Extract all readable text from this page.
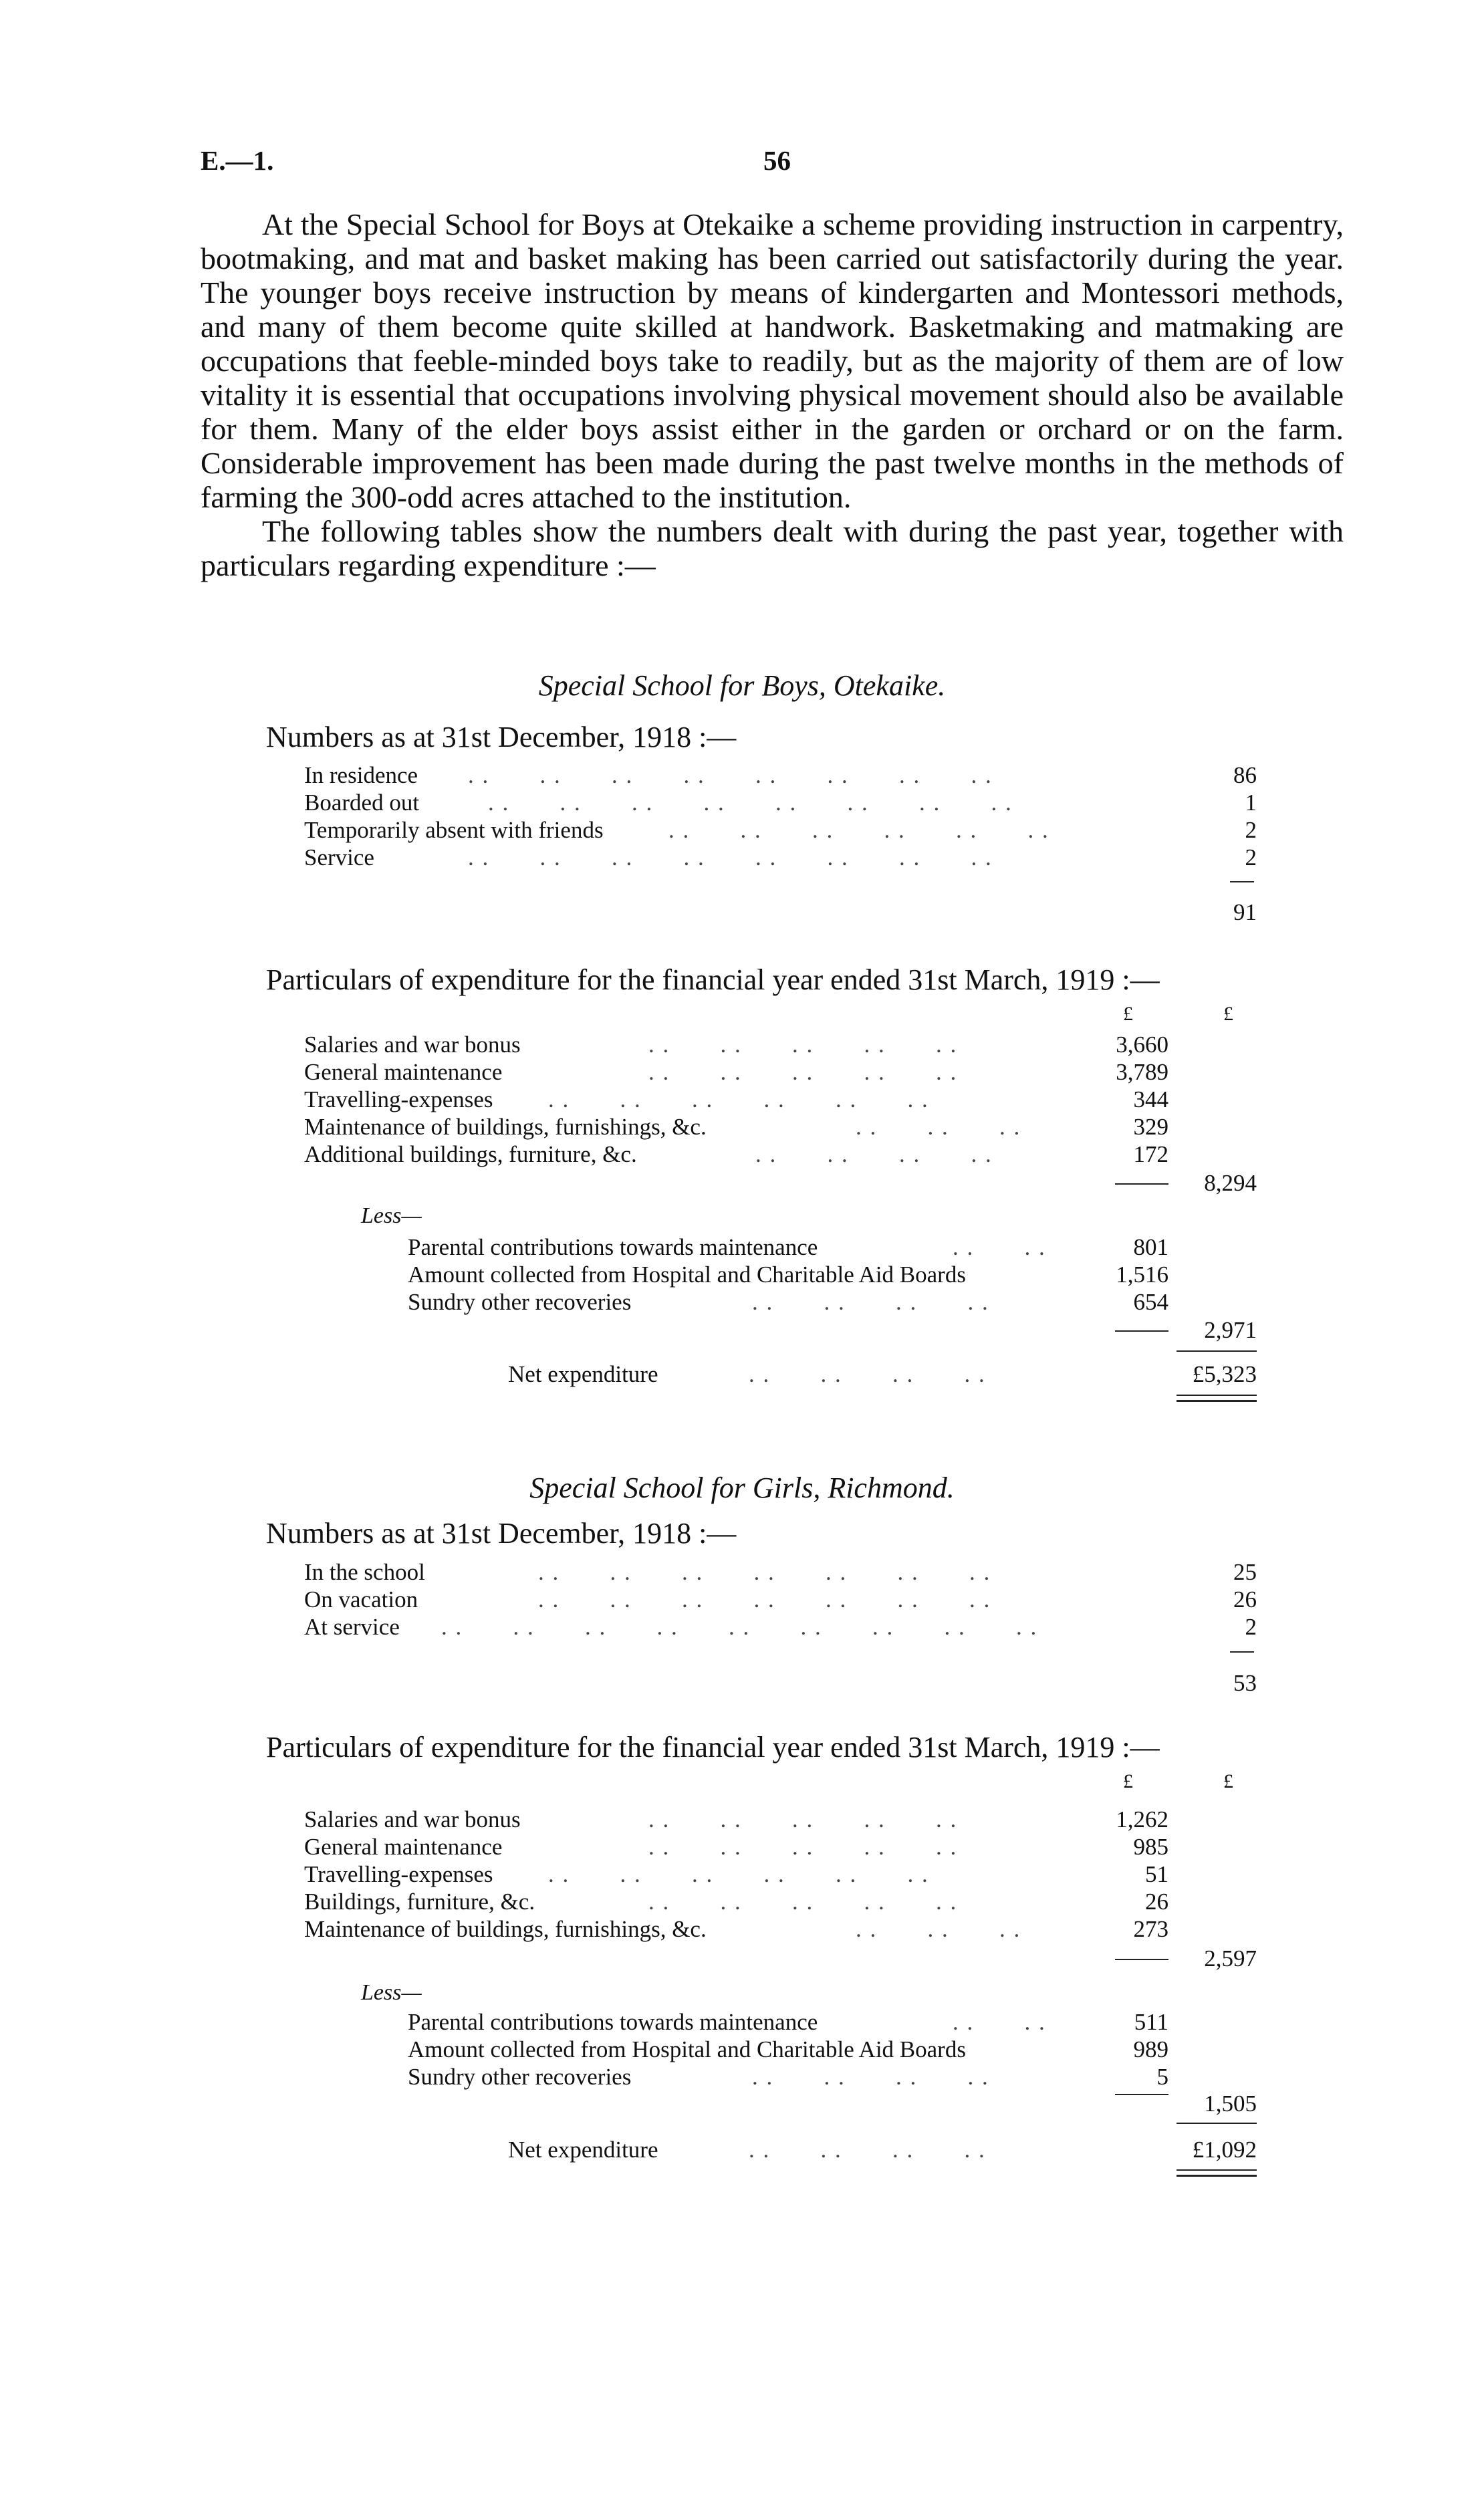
E.—1.	56

At the Special School for Boys at Otekaike a scheme providing instruction in carpentry, bootmaking, and mat and basket making has been carried out satisfactorily during the year. The younger boys receive instruction by means of kindergarten and Montessori methods, and many of them become quite skilled at handwork. Basketmaking and matmaking are occupations that feeble-minded boys take to readily, but as the majority of them are of low vitality it is essential that occupations involving physical movement should also be available for them. Many of the elder boys assist either in the garden or orchard or on the farm. Considerable improvement has been made during the past twelve months in the methods of farming the 300-odd acres attached to the institution.

The following tables show the numbers dealt with during the past year, together with particulars regarding expenditure :—

Special School for Boys, Otekaike.
Numbers as at 31st December, 1918 :—
In residence . .       . .       . .       . .       . .       . .       . .       . .	86
Boarded out	. .       . .       . .       . .       . .       . .       . .       . .	1
Temporarily absent with friends	. .       . .       . .       . .       . .       . .	2
Service	. .       . .       . .       . .       . .       . .       . .       . .	2
91
Particulars of expenditure for the financial year ended 31st March, 1919 :—
£	£
Salaries and war bonus	. .       . .       . .       . .       . .	3,660
General maintenance	. .       . .       . .       . .       . .	3,789
Travelling-expenses . .       . .       . .       . .       . .       . .	344
Maintenance of buildings, furnishings, &c.	. .       . .       . .	329
Additional buildings, furniture, &c.	. .       . .       . .       . .	172
8,294
Less—
Parental contributions towards maintenance	. .       . .	801
Amount collected from Hospital and Charitable Aid Boards	1,516
Sundry other recoveries	. .       . .       . .       . .	654
2,971
Net expenditure	. .       . .       . .       . .	£5,323
Special School for Girls, Richmond.
Numbers as at 31st December, 1918 :—
In the school	. .       . .       . .       . .       . .       . .       . .	25
On vacation	. .       . .       . .       . .       . .       . .       . .	26
At service . .       . .       . .       . .       . .       . .       . .       . .       . .	2
53
Particulars of expenditure for the financial year ended 31st March, 1919 :—
£	£
Salaries and war bonus	. .       . .       . .       . .       . .	1,262
General maintenance	. .       . .       . .       . .       . .	985
Travelling-expenses . .       . .       . .       . .       . .       . .	51
Buildings, furniture, &c.	. .       . .       . .       . .       . .	26
Maintenance of buildings, furnishings, &c.	. .       . .       . .	273
2,597
Less—
Parental contributions towards maintenance	. .       . .	511
Amount collected from Hospital and Charitable Aid Boards	989
Sundry other recoveries	. .       . .       . .       . .	5
1,505
Net expenditure	. .       . .       . .       . .	£1,092
